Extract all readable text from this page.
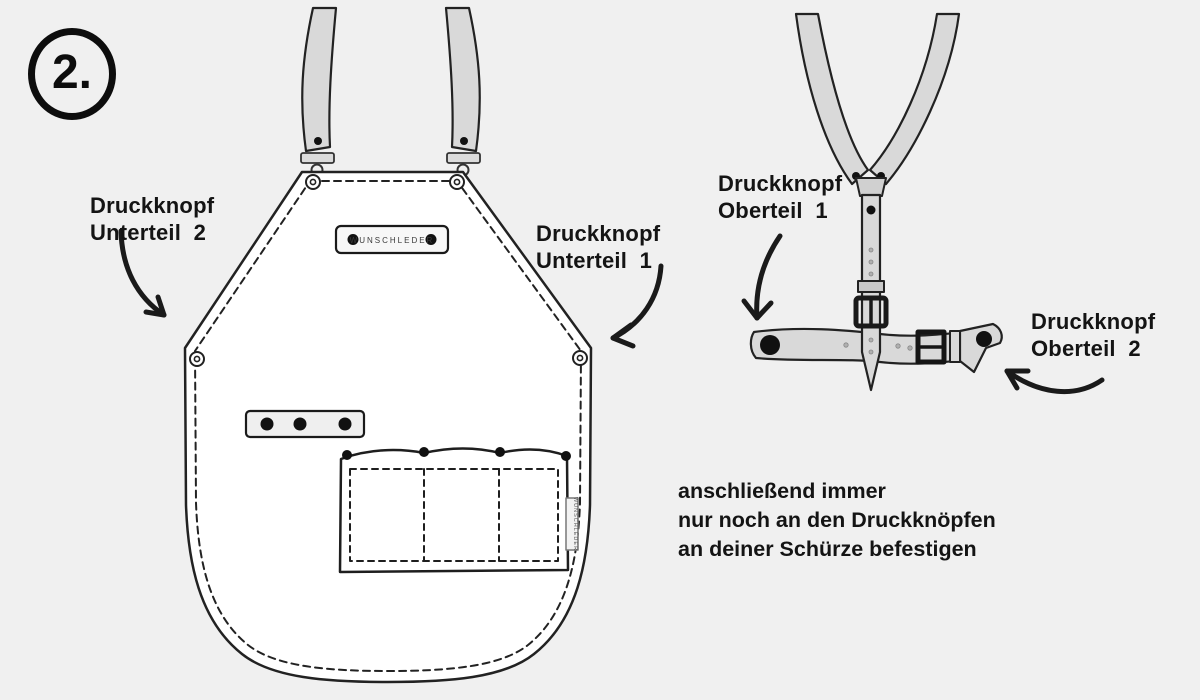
WUNSCHLEDER
WUNSCHLEDER
2.
Druckknopf
Unterteil  2	Druckknopf
Unterteil  1
Druckknopf
Oberteil  1
Druckknopf
Oberteil  2
anschließend immer
nur noch an den Druckknöpfen
an deiner Schürze befestigen
